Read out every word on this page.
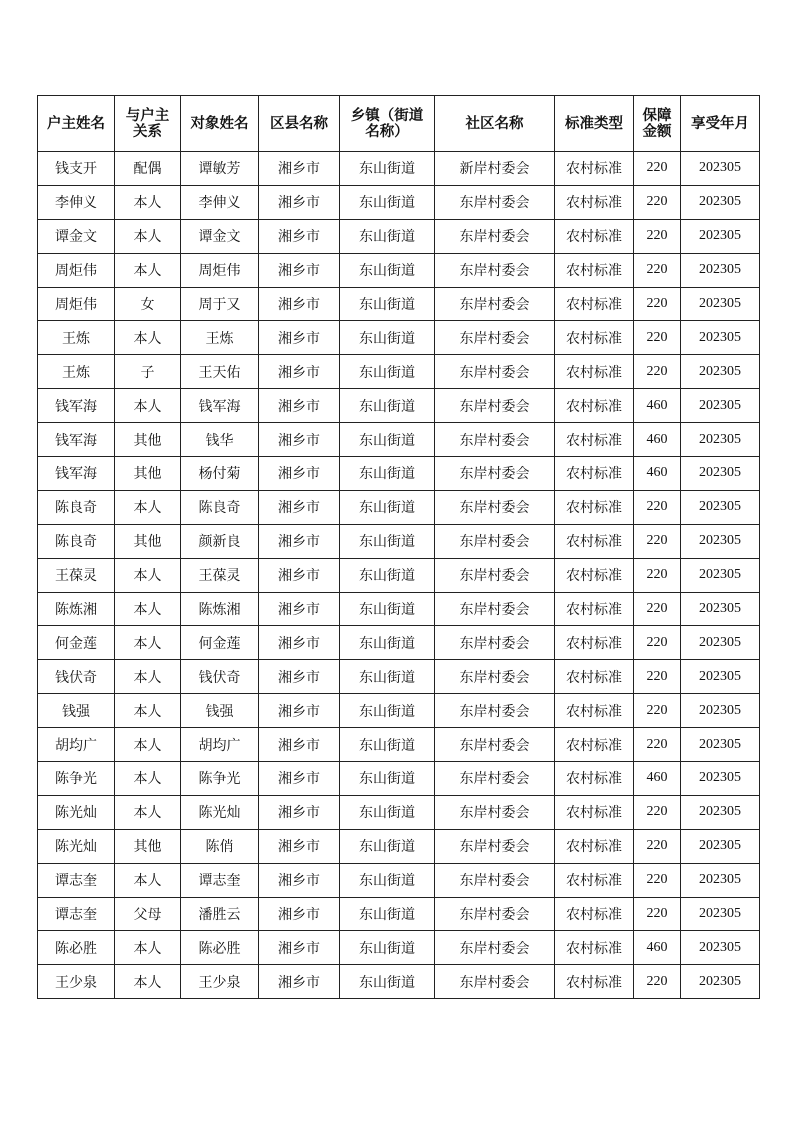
户主姓名	与户主关系	对象姓名	区县名称	乡镇（街道名称）	社区名称	标准类型	保障金额	享受年月
钱支开	配偶	谭敏芳	湘乡市	东山街道	新岸村委会	农村标准	220	202305
李伸义	本人	李伸义	湘乡市	东山街道	东岸村委会	农村标准	220	202305
谭金文	本人	谭金文	湘乡市	东山街道	东岸村委会	农村标准	220	202305
周炬伟	本人	周炬伟	湘乡市	东山街道	东岸村委会	农村标准	220	202305
周炬伟	女	周于又	湘乡市	东山街道	东岸村委会	农村标准	220	202305
王炼	本人	王炼	湘乡市	东山街道	东岸村委会	农村标准	220	202305
王炼	子	王天佑	湘乡市	东山街道	东岸村委会	农村标准	220	202305
钱军海	本人	钱军海	湘乡市	东山街道	东岸村委会	农村标准	460	202305
钱军海	其他	钱华	湘乡市	东山街道	东岸村委会	农村标准	460	202305
钱军海	其他	杨付菊	湘乡市	东山街道	东岸村委会	农村标准	460	202305
陈良奇	本人	陈良奇	湘乡市	东山街道	东岸村委会	农村标准	220	202305
陈良奇	其他	颜新良	湘乡市	东山街道	东岸村委会	农村标准	220	202305
王葆灵	本人	王葆灵	湘乡市	东山街道	东岸村委会	农村标准	220	202305
陈炼湘	本人	陈炼湘	湘乡市	东山街道	东岸村委会	农村标准	220	202305
何金莲	本人	何金莲	湘乡市	东山街道	东岸村委会	农村标准	220	202305
钱伏奇	本人	钱伏奇	湘乡市	东山街道	东岸村委会	农村标准	220	202305
钱强	本人	钱强	湘乡市	东山街道	东岸村委会	农村标准	220	202305
胡均广	本人	胡均广	湘乡市	东山街道	东岸村委会	农村标准	220	202305
陈争光	本人	陈争光	湘乡市	东山街道	东岸村委会	农村标准	460	202305
陈光灿	本人	陈光灿	湘乡市	东山街道	东岸村委会	农村标准	220	202305
陈光灿	其他	陈俏	湘乡市	东山街道	东岸村委会	农村标准	220	202305
谭志奎	本人	谭志奎	湘乡市	东山街道	东岸村委会	农村标准	220	202305
谭志奎	父母	潘胜云	湘乡市	东山街道	东岸村委会	农村标准	220	202305
陈必胜	本人	陈必胜	湘乡市	东山街道	东岸村委会	农村标准	460	202305
王少泉	本人	王少泉	湘乡市	东山街道	东岸村委会	农村标准	220	202305
